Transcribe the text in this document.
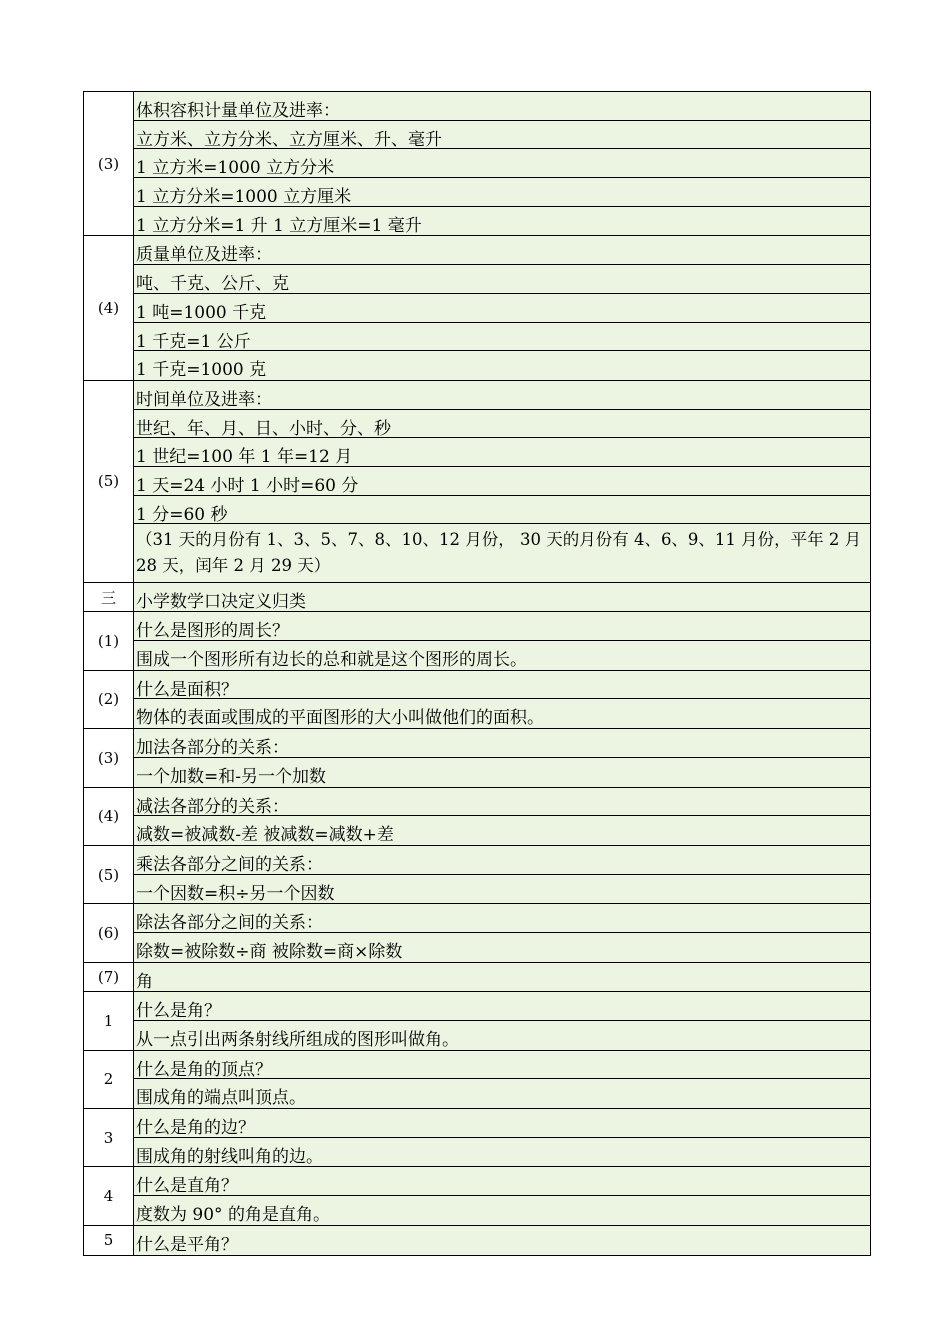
(3)
体积容积计量单位及进率：
立方米、立方分米、立方厘米、升、毫升
1 立方米=1000 立方分米
1 立方分米=1000 立方厘米
1 立方分米=1 升 1 立方厘米=1 毫升
(4)
质量单位及进率：
吨、千克、公斤、克
1 吨=1000 千克
1 千克=1 公斤
1 千克=1000 克
(5)
时间单位及进率：
世纪、年、月、日、小时、分、秒
1 世纪=100 年 1 年=12 月
1 天=24 小时 1 小时=60 分
1 分=60 秒
（31 天的月份有 1、3、5、7、8、10、12 月份， 30 天的月份有 4、6、9、11 月份，平年 2 月 28 天，闰年 2 月 29 天）
三	小学数学口决定义归类
(1) 什么是图形的周长？
围成一个图形所有边长的总和就是这个图形的周长。
(2) 什么是面积？
物体的表面或围成的平面图形的大小叫做他们的面积。
(3) 加法各部分的关系：
一个加数=和-另一个加数
(4) 减法各部分的关系：
减数=被减数-差 被减数=减数+差
(5) 乘法各部分之间的关系：
一个因数=积÷另一个因数
(6) 除法各部分之间的关系：
除数=被除数÷商 被除数=商×除数
(7) 角
1	什么是角？
从一点引出两条射线所组成的图形叫做角。
2	什么是角的顶点？
围成角的端点叫顶点。
3	什么是角的边？
围成角的射线叫角的边。
4	什么是直角？
度数为 90° 的角是直角。
5	什么是平角？
